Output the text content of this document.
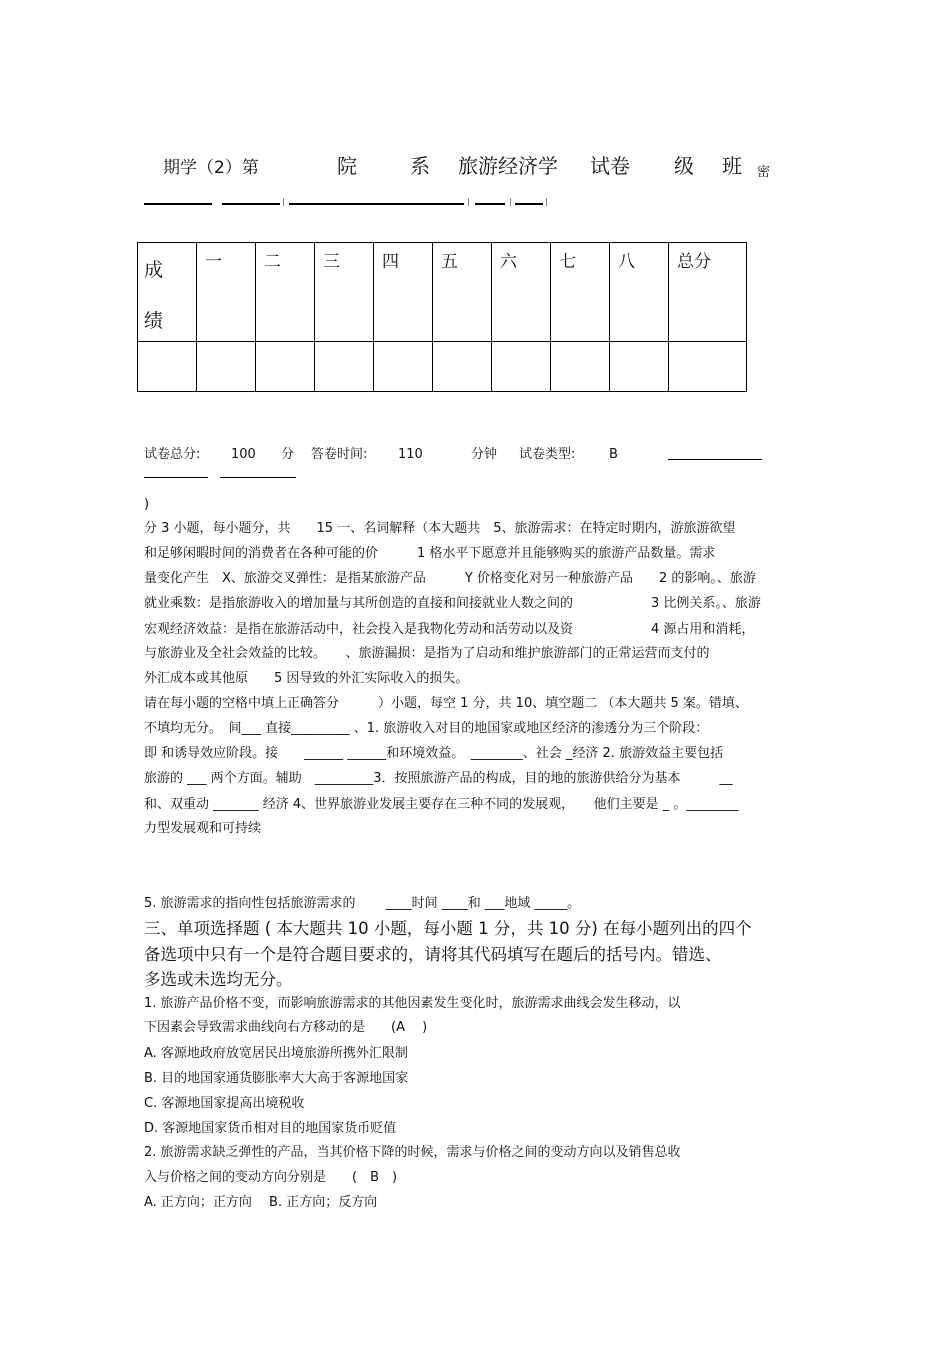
期学（2）第	院	系 旅游经济学 试卷 级 班 密
成
绩	一	二	三	四	五	六	七	八	总分

试卷总分: 100 分 答卷时间: 110	分钟 试卷类型:	B
)
分 3 小题，每小题分，共　　15 一、名词解释（本大题共　5、旅游需求：在特定时期内，游旅游欲望
和足够闲暇时间的消费者在各种可能的价　　　1 格水平下愿意并且能够购买的旅游产品数量。需求
量变化产生　X、旅游交叉弹性：是指某旅游产品　　　Y 价格变化对另一种旅游产品　　2 的影响。、旅游
就业乘数：是指旅游收入的增加量与其所创造的直接和间接就业人数之间的　　　　　　3 比例关系。、旅游
宏观经济效益：是指在旅游活动中，社会投入是我物化劳动和活劳动以及资　　　　　　4 源占用和消耗，
与旅游业及全社会效益的比较。　　、旅游漏损：是指为了启动和维护旅游部门的正常运营而支付的
外汇成本或其他原　　5 因导致的外汇实际收入的损失。
请在每小题的空格中填上正确答分　　　）小题，每空 1 分，共 10、填空题二 （本大题共 5 案。错填、
不填均无分。　间___ 直接_________ 、1. 旅游收入对目的地国家或地区经济的渗透分为三个阶段：
即 和诱导效应阶段。接　　______ ______和环境效益。　________、社会 _经济 2. 旅游效益主要包括
旅游的 ___ 两个方面。辅助　_________3．按照旅游产品的构成，目的地的旅游供给分为基本　　　__
和、双重动 _______ 经济 4、世界旅游业发展主要存在三种不同的发展观，　　他们主要是 _ 。________
力型发展观和可持续
5. 旅游需求的指向性包括旅游需求的　　 ____时间 ____和 ___地域 _____。
三、单项选择题 ( 本大题共 10 小题，每小题 1 分，共 10 分) 在每小题列出的四个
备选项中只有一个是符合题目要求的，请将其代码填写在题后的括号内。错选、
多选或未选均无分。
1. 旅游产品价格不变，而影响旅游需求的其他因素发生变化时，旅游需求曲线会发生移动，以
下因素会导致需求曲线向右方移动的是　　(A　 )
A. 客源地政府放宽居民出境旅游所携外汇限制
B. 目的地国家通货膨胀率大大高于客源地国家
C. 客源地国家提高出境税收
D. 客源地国家货币相对目的地国家货币贬值
2. 旅游需求缺乏弹性的产品，当其价格下降的时候，需求与价格之间的变动方向以及销售总收
入与价格之间的变动方向分别是　　(　B　)
A. 正方向；正方向　 B. 正方向；反方向
